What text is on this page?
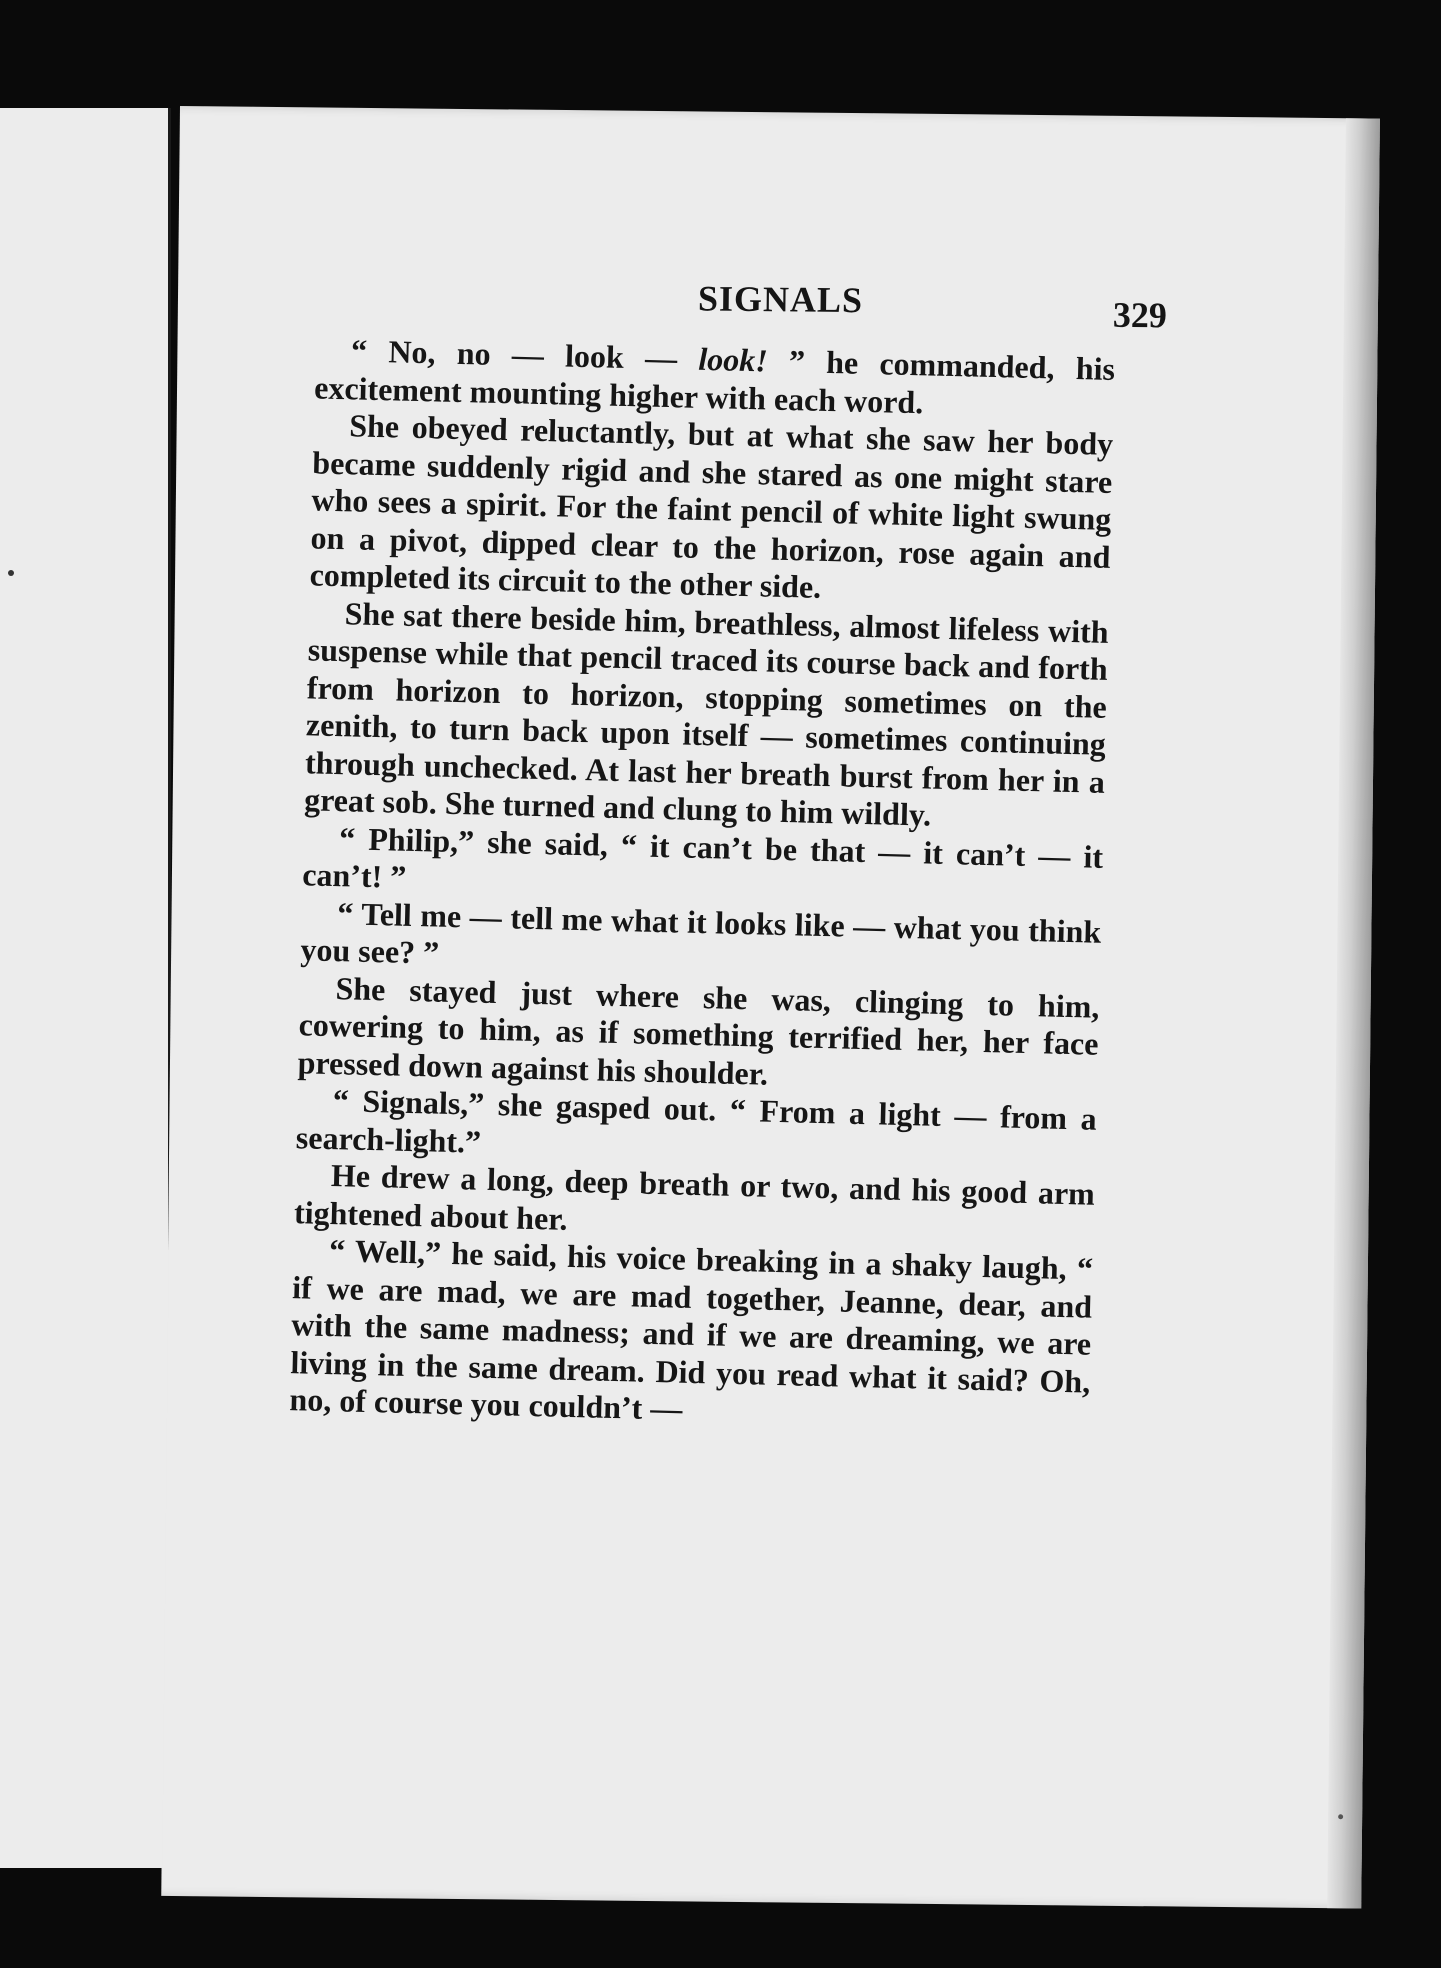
SIGNALS	329

“ No, no — look — look! ” he commanded, his excitement mounting higher with each word.

She obeyed reluctantly, but at what she saw her body became suddenly rigid and she stared as one might stare who sees a spirit. For the faint pencil of white light swung on a pivot, dipped clear to the horizon, rose again and completed its circuit to the other side.

She sat there beside him, breathless, almost lifeless with suspense while that pencil traced its course back and forth from horizon to horizon, stopping sometimes on the zenith, to turn back upon itself — sometimes continuing through unchecked. At last her breath burst from her in a great sob. She turned and clung to him wildly.

“ Philip,” she said, “ it can’t be that — it can’t — it can’t! ”

“ Tell me — tell me what it looks like — what you think you see? ”

She stayed just where she was, clinging to him, cowering to him, as if something terrified her, her face pressed down against his shoulder.

“ Signals,” she gasped out. “ From a light — from a search-light.”

He drew a long, deep breath or two, and his good arm tightened about her.

“ Well,” he said, his voice breaking in a shaky laugh, “ if we are mad, we are mad together, Jeanne, dear, and with the same madness; and if we are dreaming, we are living in the same dream. Did you read what it said? Oh, no, of course you couldn’t —
